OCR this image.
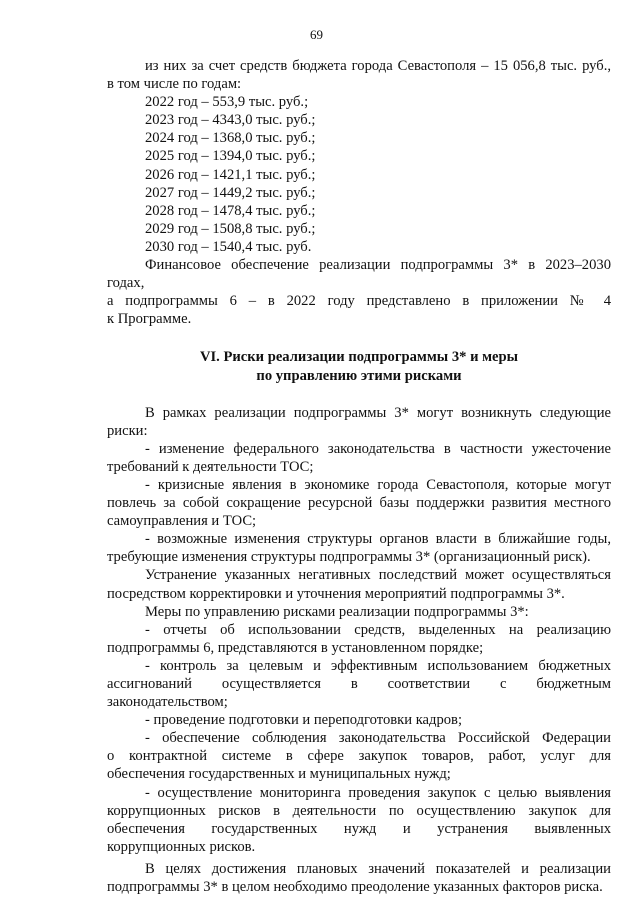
69
из них за счет средств бюджета города Севастополя – 15 056,8 тыс. руб.,
в том числе по годам:
2022 год – 553,9 тыс. руб.;
2023 год – 4343,0 тыс. руб.;
2024 год – 1368,0 тыс. руб.;
2025 год – 1394,0 тыс. руб.;
2026 год – 1421,1 тыс. руб.;
2027 год – 1449,2 тыс. руб.;
2028 год – 1478,4 тыс. руб.;
2029 год – 1508,8 тыс. руб.;
2030 год – 1540,4 тыс. руб.
Финансовое обеспечение реализации подпрограммы 3* в 2023–2030 годах,
а подпрограммы 6 – в 2022 году представлено в приложении № 4
к Программе.
VI. Риски реализации подпрограммы 3* и меры
по управлению этими рисками
В рамках реализации подпрограммы 3* могут возникнуть следующие
риски:
- изменение федерального законодательства в частности ужесточение
требований к деятельности ТОС;
- кризисные явления в экономике города Севастополя, которые могут
повлечь за собой сокращение ресурсной базы поддержки развития местного
самоуправления и ТОС;
- возможные изменения структуры органов власти в ближайшие годы,
требующие изменения структуры подпрограммы 3* (организационный риск).
Устранение указанных негативных последствий может осуществляться
посредством корректировки и уточнения мероприятий подпрограммы 3*.
Меры по управлению рисками реализации подпрограммы 3*:
- отчеты об использовании средств, выделенных на реализацию
подпрограммы 6, представляются в установленном порядке;
- контроль за целевым и эффективным использованием бюджетных
ассигнований осуществляется в соответствии с бюджетным
законодательством;
- проведение подготовки и переподготовки кадров;
- обеспечение соблюдения законодательства Российской Федерации
о контрактной системе в сфере закупок товаров, работ, услуг для
обеспечения государственных и муниципальных нужд;
- осуществление мониторинга проведения закупок с целью выявления
коррупционных рисков в деятельности по осуществлению закупок для
обеспечения государственных нужд и устранения выявленных
коррупционных рисков.
В целях достижения плановых значений показателей и реализации
подпрограммы 3* в целом необходимо преодоление указанных факторов риска.
